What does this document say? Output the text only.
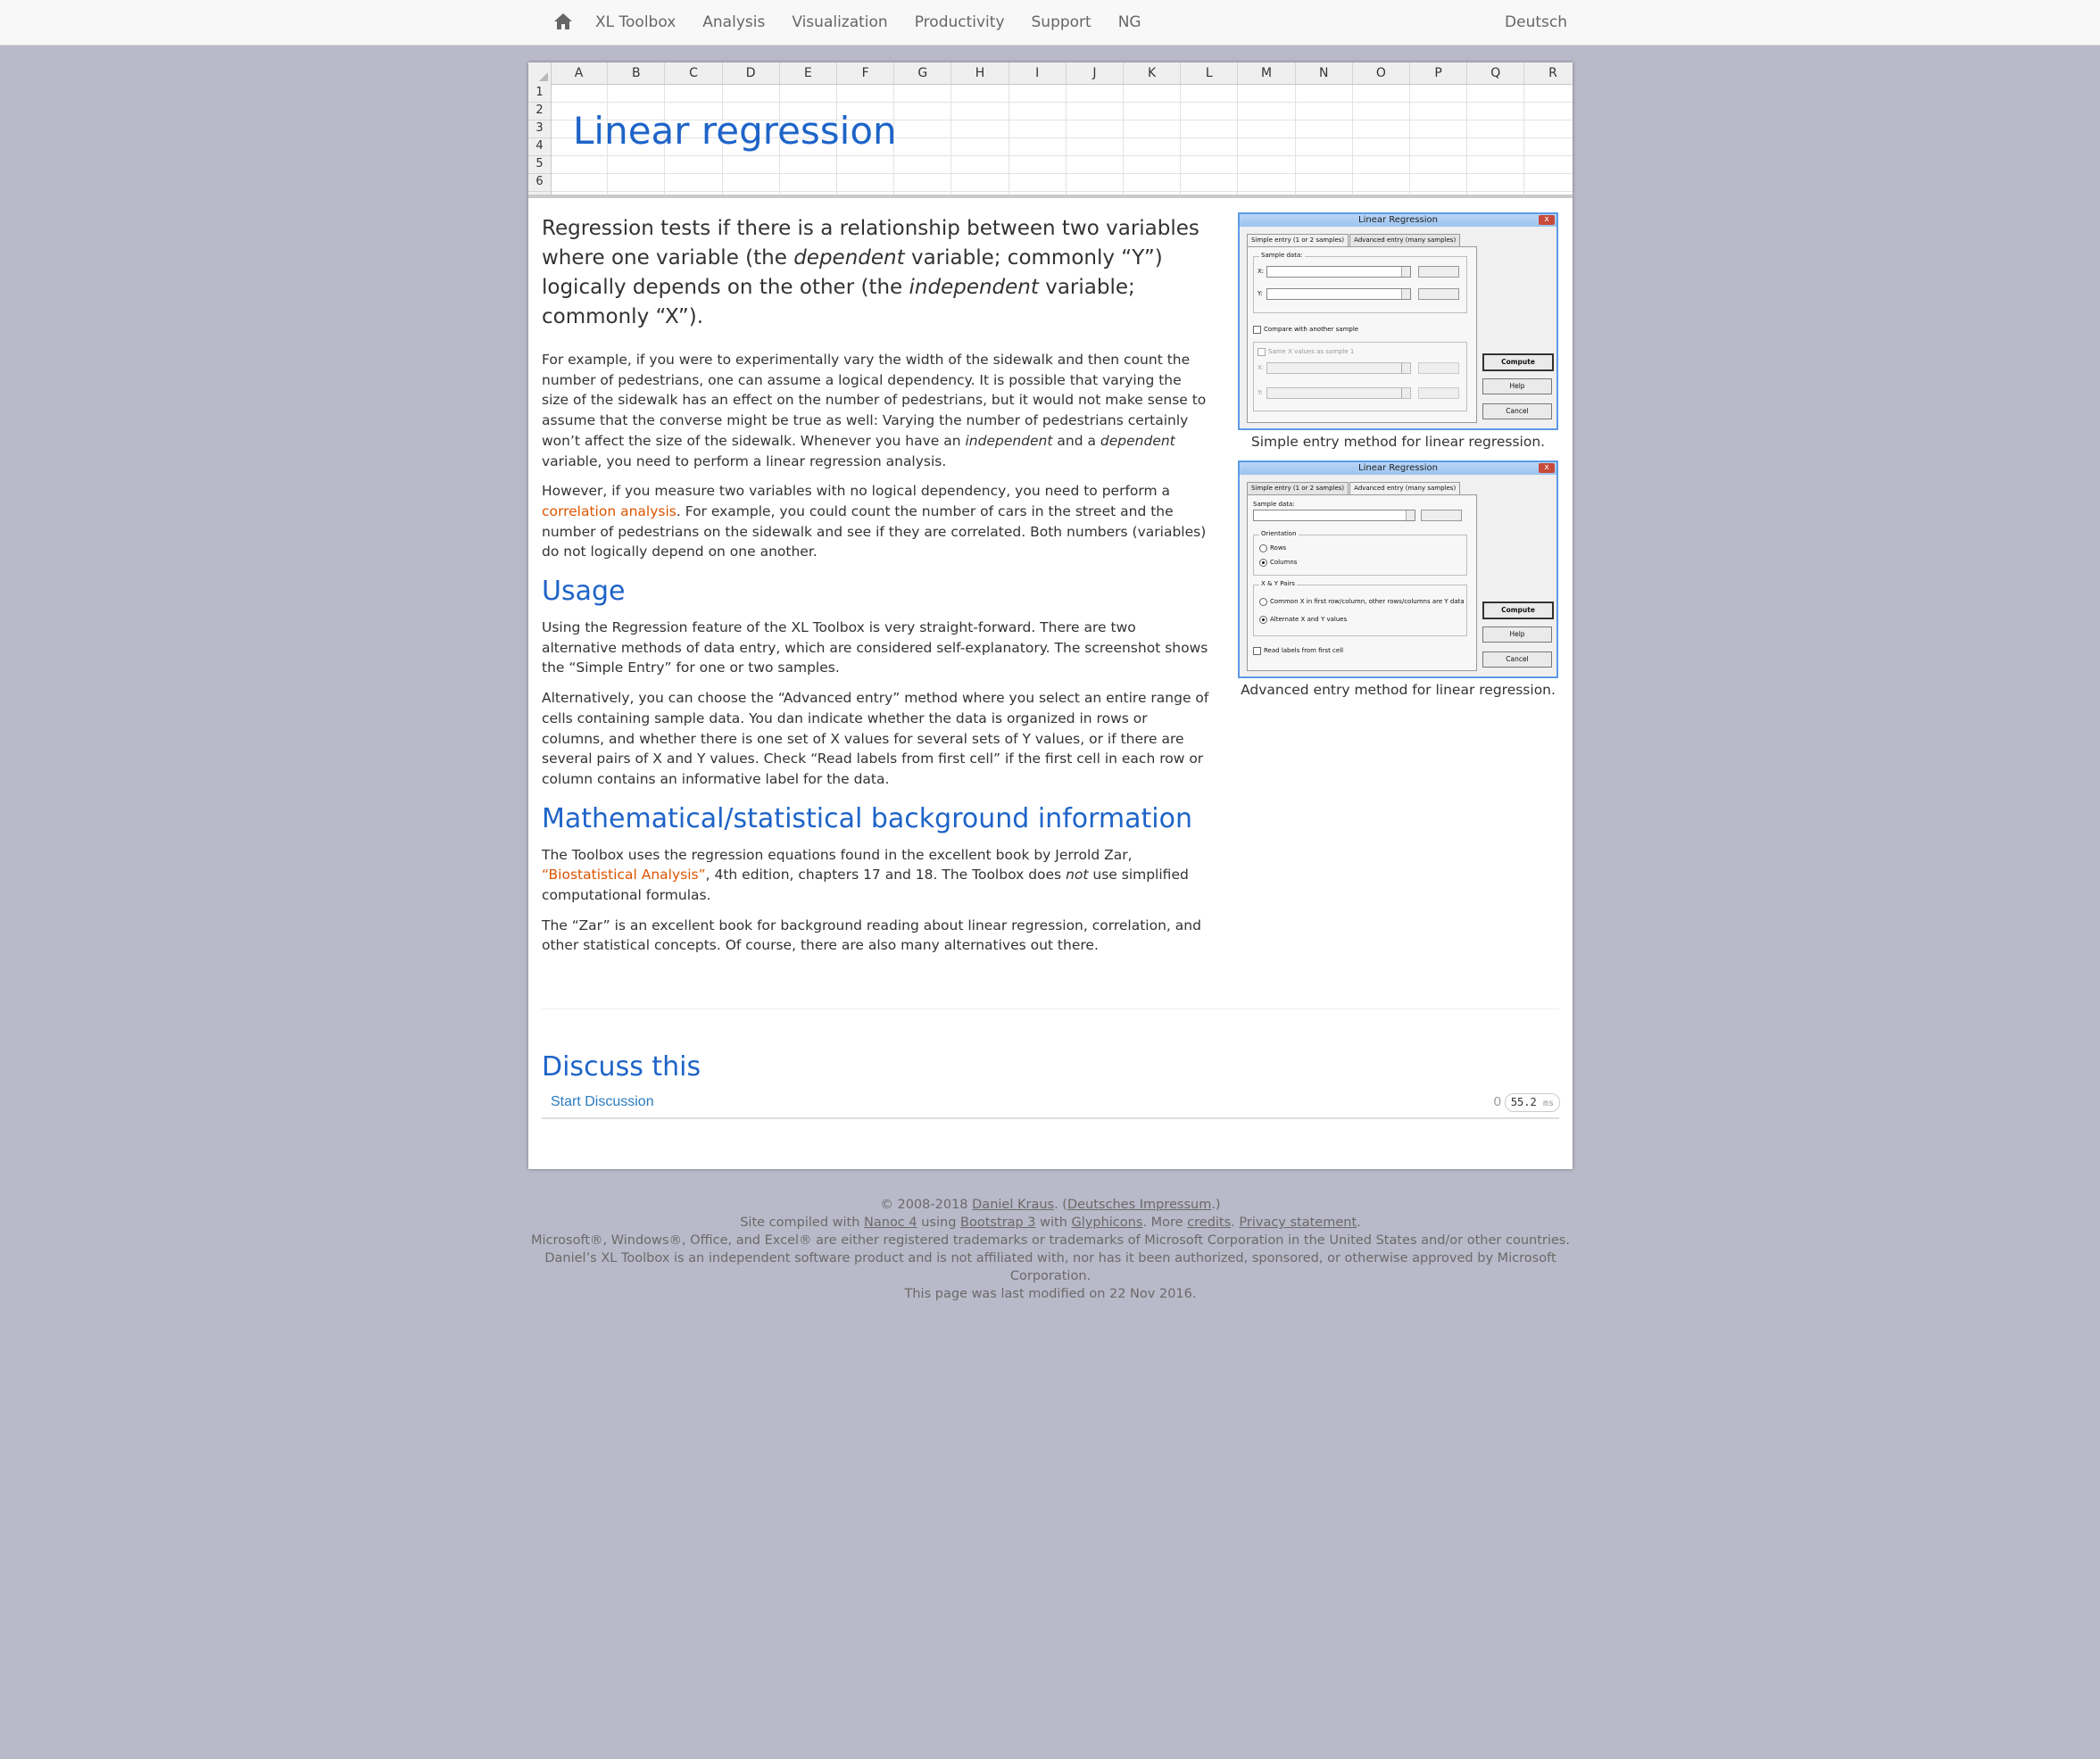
XL Toolbox	Analysis	Visualization	Productivity	Support	NG	Deutsch
A	B	C	D	E	F	G	H	I	J	K	L	M	N	O	P	Q	R
1
2
3
4
5
6
Linear regression

Regression tests if there is a relationship between two variables where one variable (the dependent variable; commonly “Y”) logically depends on the other (the independent variable; commonly “X”).

For example, if you were to experimentally vary the width of the sidewalk and then count the number of pedestrians, one can assume a logical dependency. It is possible that varying the size of the sidewalk has an effect on the number of pedestrians, but it would not make sense to assume that the converse might be true as well: Varying the number of pedestrians certainly won’t affect the size of the sidewalk. Whenever you have an independent and a dependent variable, you need to perform a linear regression analysis.

However, if you measure two variables with no logical dependency, you need to perform a correlation analysis. For example, you could count the number of cars in the street and the number of pedestrians on the sidewalk and see if they are correlated. Both numbers (variables) do not logically depend on one another.

Usage

Using the Regression feature of the XL Toolbox is very straight-forward. There are two alternative methods of data entry, which are considered self-explanatory. The screenshot shows the “Simple Entry” for one or two samples.

Alternatively, you can choose the “Advanced entry” method where you select an entire range of cells containing sample data. You dan indicate whether the data is organized in rows or columns, and whether there is one set of X values for several sets of Y values, or if there are several pairs of X and Y values. Check “Read labels from first cell” if the first cell in each row or column contains an informative label for the data.

Mathematical/statistical background information

The Toolbox uses the regression equations found in the excellent book by Jerrold Zar, “Biostatistical Analysis”, 4th edition, chapters 17 and 18. The Toolbox does not use simplified computational formulas.

The “Zar” is an excellent book for background reading about linear regression, correlation, and other statistical concepts. Of course, there are also many alternatives out there.

Linear Regression	x
Simple entry (1 or 2 samples)	Advanced entry (many samples)
Sample data:
X:
Y:
Compare with another sample
Same X values as sample 1
X:
Y:
Compute
Help
Cancel
Simple entry method for linear regression.
Linear Regression	x
Simple entry (1 or 2 samples)	Advanced entry (many samples)
Sample data:
Orientation
Rows
Columns
X & Y Pairs
Common X in first row/column, other rows/columns are Y data
Alternate X and Y values
Read labels from first cell
Compute
Help
Cancel
Advanced entry method for linear regression.
Discuss this
Start Discussion	0 55.2 ms

© 2008-2018 Daniel Kraus. (Deutsches Impressum.)

Site compiled with Nanoc 4 using Bootstrap 3 with Glyphicons. More credits. Privacy statement.

Microsoft®, Windows®, Office, and Excel® are either registered trademarks or trademarks of Microsoft Corporation in the United States and/or other countries.

Daniel’s XL Toolbox is an independent software product and is not affiliated with, nor has it been authorized, sponsored, or otherwise approved by Microsoft Corporation.

This page was last modified on 22 Nov 2016.
